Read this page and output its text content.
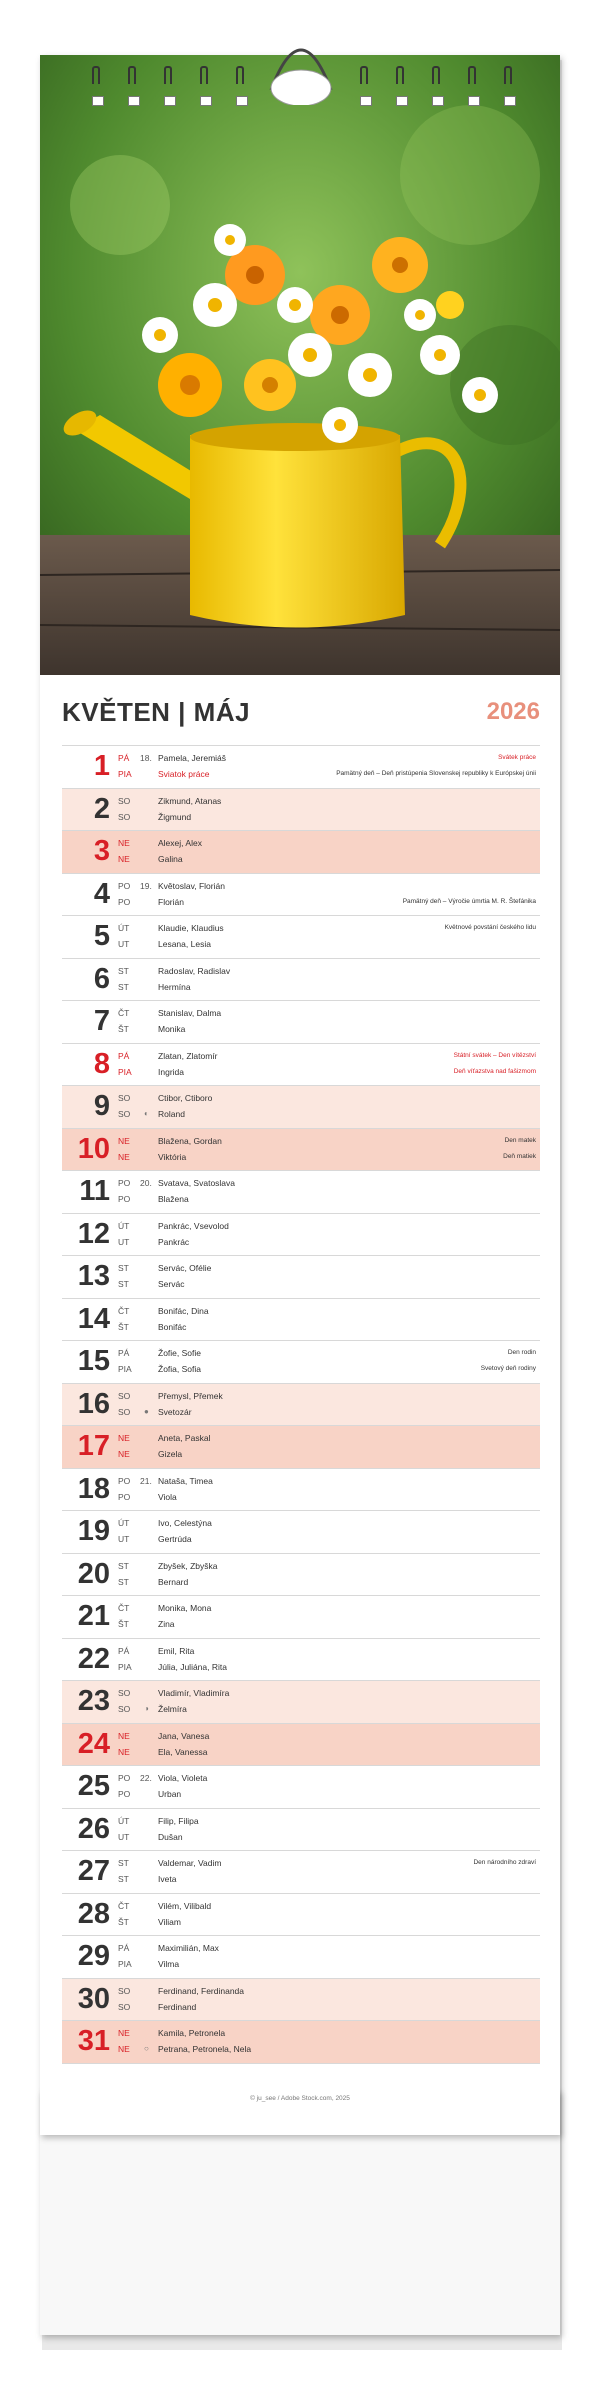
KVĚTEN | MÁJ	2026
1 PÁ
PIA
18. Pamela, Jeremiáš
Sviatok práce
Svátek práce
Pamätný deň – Deň pristúpenia Slovenskej republiky k Európskej únii
2 SO
SO
Zikmund, Atanas
Žigmund
3 NE
NE
Alexej, Alex
Galina
4 PO
PO
19. Květoslav, Florián
Florián	Pamätný deň – Výročie úmrtia M. R. Štefánika
5 ÚT
UT
Klaudie, Klaudius
Lesana, Lesia
Květnové povstání českého lidu
6 ST
ST
Radoslav, Radislav
Hermína
7 ČT
ŠT
Stanislav, Dalma
Monika
8 PÁ
PIA
Zlatan, Zlatomír
Ingrida
Státní svátek – Den vítězství
Deň víťazstva nad fašizmom
9 SO
SO ◐
Ctibor, Ctiboro
Roland
10 NE
NE
Blažena, Gordan
Viktória
Den matek
Deň matiek
11 PO
PO
20. Svatava, Svatoslava
Blažena
12 ÚT
UT
Pankrác, Vsevolod
Pankrác
13 ST
ST
Servác, Ofélie
Servác
14 ČT
ŠT
Bonifác, Dina
Bonifác
15 PÁ
PIA
Žofie, Sofie
Žofia, Sofia
Den rodin
Svetový deň rodiny
16 SO
SO ●
Přemysl, Přemek
Svetozár
17 NE
NE
Aneta, Paskal
Gizela
18 PO
PO
21. Nataša, Timea
Viola
19 ÚT
UT
Ivo, Celestýna
Gertrúda
20 ST
ST
Zbyšek, Zbyška
Bernard
21 ČT
ŠT
Monika, Mona
Zina
22 PÁ
PIA
Emil, Rita
Júlia, Juliána, Rita
23 SO
SO ◑
Vladimír, Vladimíra
Želmíra
24 NE
NE
Jana, Vanesa
Ela, Vanessa
25 PO
PO
22. Viola, Violeta
Urban
26 ÚT
UT
Filip, Filipa
Dušan
27 ST
ST
Valdemar, Vadim
Iveta
Den národního zdraví
28 ČT
ŠT
Vilém, Vilibald
Viliam
29 PÁ
PIA
Maximilián, Max
Vilma
30 SO
SO
Ferdinand, Ferdinanda
Ferdinand
31 NE
NE ○
Kamila, Petronela
Petrana, Petronela, Nela
© ju_see / Adobe Stock.com, 2025
